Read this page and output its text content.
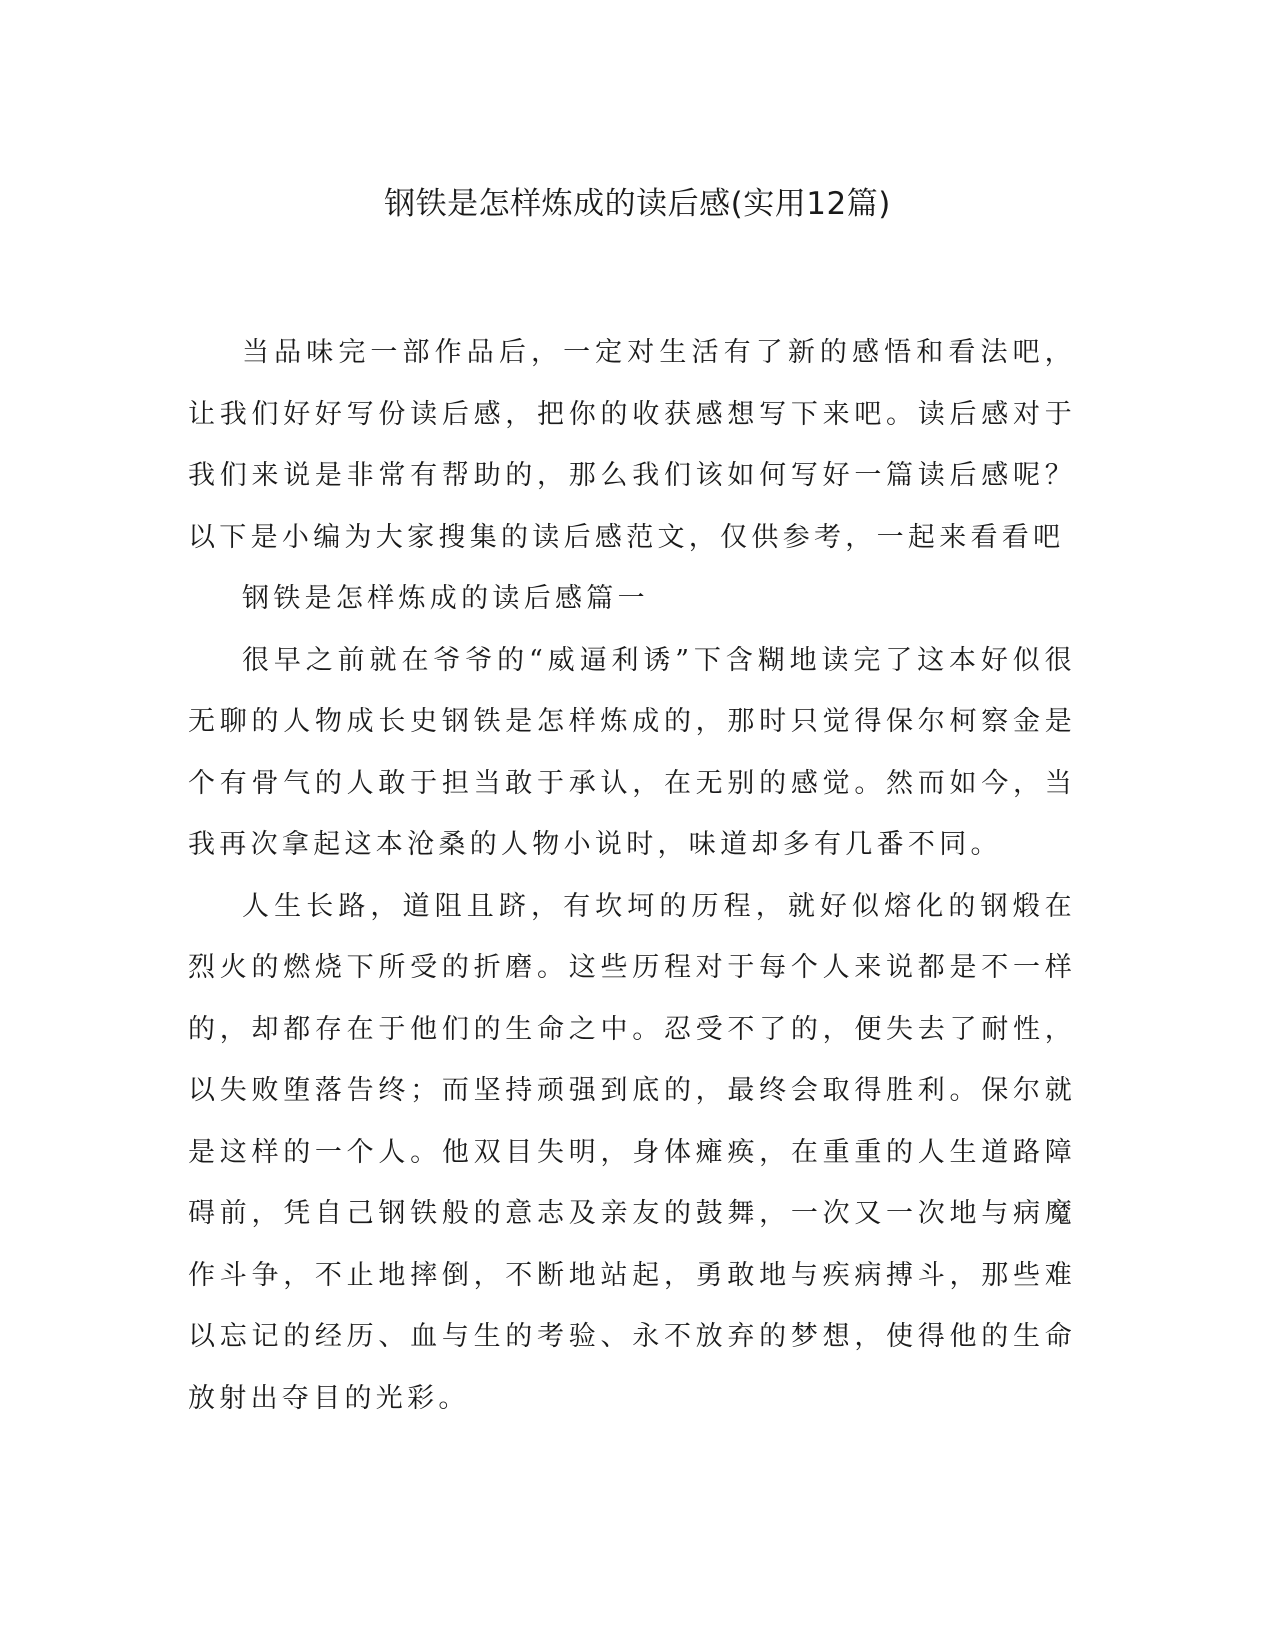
钢铁是怎样炼成的读后感(实用12篇)

当品味完一部作品后，一定对生活有了新的感悟和看法吧，让我们好好写份读后感，把你的收获感想写下来吧。读后感对于我们来说是非常有帮助的，那么我们该如何写好一篇读后感呢？以下是小编为大家搜集的读后感范文，仅供参考，一起来看看吧

钢铁是怎样炼成的读后感篇一

很早之前就在爷爷的“威逼利诱”下含糊地读完了这本好似很无聊的人物成长史钢铁是怎样炼成的，那时只觉得保尔柯察金是个有骨气的人敢于担当敢于承认，在无别的感觉。然而如今，当我再次拿起这本沧桑的人物小说时，味道却多有几番不同。

人生长路，道阻且跻，有坎坷的历程，就好似熔化的钢煅在烈火的燃烧下所受的折磨。这些历程对于每个人来说都是不一样的，却都存在于他们的生命之中。忍受不了的，便失去了耐性，以失败堕落告终；而坚持顽强到底的，最终会取得胜利。保尔就是这样的一个人。他双目失明，身体瘫痪，在重重的人生道路障碍前，凭自己钢铁般的意志及亲友的鼓舞，一次又一次地与病魔作斗争，不止地摔倒，不断地站起，勇敢地与疾病搏斗，那些难以忘记的经历、血与生的考验、永不放弃的梦想，使得他的生命放射出夺目的光彩。
